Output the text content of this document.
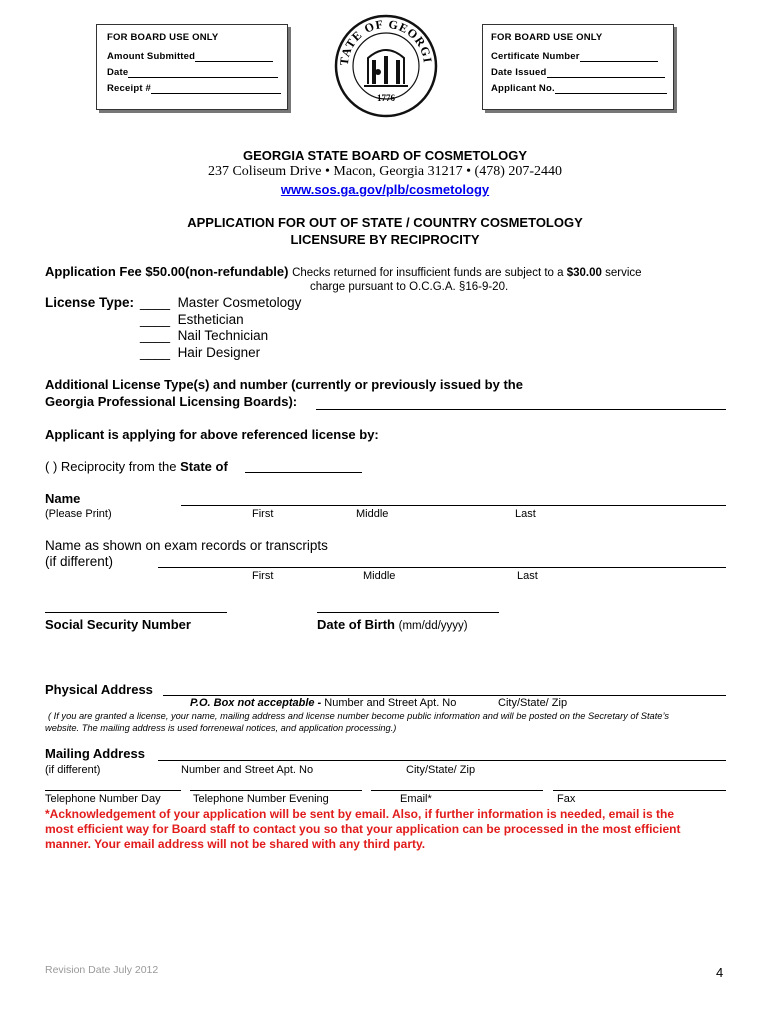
FOR BOARD USE ONLY
Amount Submitted
Date
Receipt #
TATE OF GEORGI
1776
FOR BOARD USE ONLY
Certificate Number
Date Issued
Applicant No.
GEORGIA STATE BOARD OF COSMETOLOGY
237 Coliseum Drive • Macon, Georgia 31217 • (478) 207-2440
www.sos.ga.gov/plb/cosmetology
APPLICATION FOR OUT OF STATE / COUNTRY COSMETOLOGY
LICENSURE BY RECIPROCITY
Application Fee $50.00(non-refundable) Checks returned for insufficient funds are subject to a $30.00 service
charge pursuant to O.C.G.A. §16-9-20.
License Type: ____ Master Cosmetology
____ Esthetician
____ Nail Technician
____ Hair Designer
Additional License Type(s) and number (currently or previously issued by the
Georgia Professional Licensing Boards):
Applicant is applying for above referenced license by:
( ) Reciprocity from the State of
Name
(Please Print)	First	Middle	Last
Name as shown on exam records or transcripts
(if different)
First	Middle	Last
Social Security Number	Date of Birth (mm/dd/yyyy)
Physical Address
P.O. Box not acceptable - Number and Street Apt. No	City/State/ Zip
( If you are granted a license, your name, mailing address and license number become public information and will be posted on the Secretary of State’s
website. The mailing address is used forrenewal notices, and application processing.)
Mailing Address
(if different)	Number and Street Apt. No	City/State/ Zip
Telephone Number Day	Telephone Number Evening	Email*	Fax
*Acknowledgement of your application will be sent by email. Also, if further information is needed, email is the
most efficient way for Board staff to contact you so that your application can be processed in the most efficient
manner. Your email address will not be shared with any third party.
Revision Date July 2012	4
